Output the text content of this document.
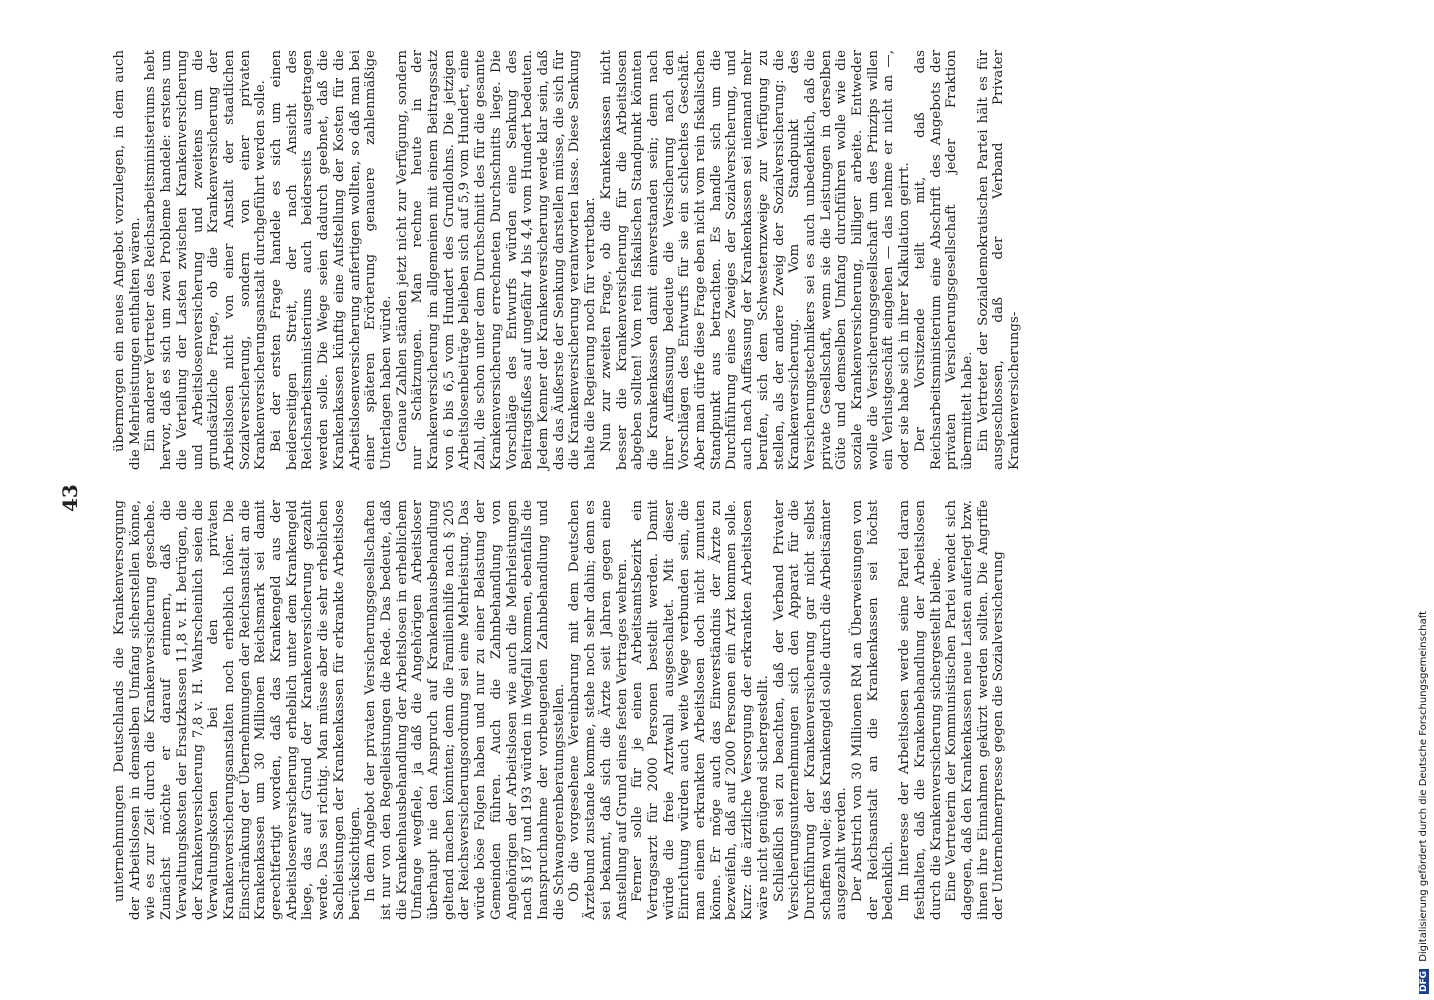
43

unternehmungen Deutschlands die Krankenversorgung der Arbeitslosen in demselben Umfang sicherstellen könne, wie es zur Zeit durch die Krankenversicherung geschehe. Zunächst möchte er darauf erinnern, daß die Verwaltungskosten der Ersatzkassen 11,8 v. H. betrügen, die der Krankenversicherung 7,8 v. H. Wahrscheinlich seien die Verwaltungskosten bei den privaten Krankenversicherungsanstalten noch erheblich höher. Die Einschränkung der Übernehmungen der Reichsanstalt an die Krankenkassen um 30 Millionen Reichsmark sei damit gerechtfertigt worden, daß das Krankengeld aus der Arbeitslosenversicherung erheblich unter dem Krankengeld liege, das auf Grund der Krankenversicherung gezahlt werde. Das sei richtig. Man müsse aber die sehr erheblichen Sachleistungen der Krankenkassen für erkrankte Arbeitslose berücksichtigen. In dem Angebot der privaten Versicherungsgesellschaften ist nur von den Regelleistungen die Rede. Das bedeute, daß die Krankenhausbehandlung der Arbeitslosen in erheblichem Umfange wegfiele, ja daß die Angehörigen Arbeitsloser überhaupt nie den Anspruch auf Krankenhausbehandlung geltend machen könnten; denn die Familienhilfe nach § 205 der Reichsversicherungsordnung sei eine Mehrleistung. Das würde böse Folgen haben und nur zu einer Belastung der Gemeinden führen. Auch die Zahnbehandlung von Angehörigen der Arbeitslosen wie auch die Mehrleistungen nach § 187 und 193 würden in Wegfall kommen, ebenfalls die Inanspruchnahme der vorbeugenden Zahnbehandlung und die Schwangerenberatungsstellen. Ob die vorgesehene Vereinbarung mit dem Deutschen Ärztebund zustande komme, stehe noch sehr dahin; denn es sei bekannt, daß sich die Ärzte seit Jahren gegen eine Anstellung auf Grund eines festen Vertrages wehren. Ferner solle für je einen Arbeitsamtsbezirk ein Vertragsarzt für 2000 Personen bestellt werden. Damit würde die freie Arztwahl ausgeschaltet. Mit dieser Einrichtung würden auch weite Wege verbunden sein, die man einem erkrankten Arbeitslosen doch nicht zumuten könne. Er möge auch das Einverständnis der Ärzte zu bezweifeln, daß auf 2000 Personen ein Arzt kommen solle. Kurz: die ärztliche Versorgung der erkrankten Arbeitslosen wäre nicht genügend sichergestellt. Schließlich sei zu beachten, daß der Verband Privater Versicherungsunternehmungen sich den Apparat für die Durchführung der Krankenversicherung gar nicht selbst schaffen wolle; das Krankengeld solle durch die Arbeitsämter ausgezahlt werden. Der Abstrich von 30 Millionen RM an Überweisungen von der Reichsanstalt an die Krankenkassen sei höchst bedenklich. Im Interesse der Arbeitslosen werde seine Partei daran festhalten, daß die Krankenbehandlung der Arbeitslosen durch die Krankenversicherung sichergestellt bleibe. Eine Vertreterin der Kommunistischen Partei wendet sich dagegen, daß den Krankenkassen neue Lasten auferlegt bzw. ihnen ihre Einnahmen gekürzt werden sollten. Die Angriffe der Unternehmerpresse gegen die Sozialversicherung

übermorgen ein neues Angebot vorzulegen, in dem auch die Mehrleistungen enthalten wären. Ein anderer Vertreter des Reichsarbeitsministeriums hebt hervor, daß es sich um zwei Probleme handele: erstens um die Verteilung der Lasten zwischen Krankenversicherung und Arbeitslosenversicherung und zweitens um die grundsätzliche Frage, ob die Krankenversicherung der Arbeitslosen nicht von einer Anstalt der staatlichen Sozialversicherung, sondern von einer privaten Krankenversicherungsanstalt durchgeführt werden solle. Bei der ersten Frage handele es sich um einen beiderseitigen Streit, der nach Ansicht des Reichsarbeitsministeriums auch beiderseits ausgetragen werden solle. Die Wege seien dadurch geebnet, daß die Krankenkassen künftig eine Aufstellung der Kosten für die Arbeitslosenversicherung anfertigen wollten, so daß man bei einer späteren Erörterung genauere zahlenmäßige Unterlagen haben würde. Genaue Zahlen ständen jetzt nicht zur Verfügung, sondern nur Schätzungen. Man rechne heute in der Krankenversicherung im allgemeinen mit einem Beitragssatz von 6 bis 6,5 vom Hundert des Grundlohns. Die jetzigen Arbeitslosenbeiträge belieben sich auf 5,9 vom Hundert, eine Zahl, die schon unter dem Durchschnitt des für die gesamte Krankenversicherung errechneten Durchschnitts liege. Die Vorschläge des Entwurfs würden eine Senkung des Beitragsfußes auf ungefähr 4 bis 4,4 vom Hundert bedeuten. Jedem Kenner der Krankenversicherung werde klar sein, daß das das Äußerste der Senkung darstellen müsse, die sich für die Krankenversicherung verantworten lasse. Diese Senkung halte die Regierung noch für vertretbar. Nun zur zweiten Frage, ob die Krankenkassen nicht besser die Krankenversicherung für die Arbeitslosen abgeben sollten! Vom rein fiskalischen Standpunkt könnten die Krankenkassen damit einverstanden sein; denn nach ihrer Auffassung bedeute die Versicherung nach den Vorschlägen des Entwurfs für sie ein schlechtes Geschäft. Aber man dürfe diese Frage eben nicht vom rein fiskalischen Standpunkt aus betrachten. Es handle sich um die Durchführung eines Zweiges der Sozialversicherung, und auch nach Auffassung der Krankenkassen sei niemand mehr berufen, sich dem Schwesternzweige zur Verfügung zu stellen, als der andere Zweig der Sozialversicherung: die Krankenversicherung. Vom Standpunkt des Versicherungstechnikers sei es auch unbedenklich, daß die private Gesellschaft, wenn sie die Leistungen in derselben Güte und demselben Umfang durchführen wolle wie die soziale Krankenversicherung, billiger arbeite. Entweder wolle die Versicherungsgesellschaft um des Prinzips willen ein Verlustgeschäft eingehen — das nehme er nicht an —, oder sie habe sich in ihrer Kalkulation geirrt. Der Vorsitzende teilt mit, daß das Reichsarbeitsministerium eine Abschrift des Angebots der privaten Versicherungsgesellschaft jeder Fraktion übermittelt habe. Ein Vertreter der Sozialdemokratischen Partei hält es für ausgeschlossen, daß der Verband Privater Krankenversicherungs-

DFG Digitalisierung gefördert durch die Deutsche Forschungsgemeinschaft
